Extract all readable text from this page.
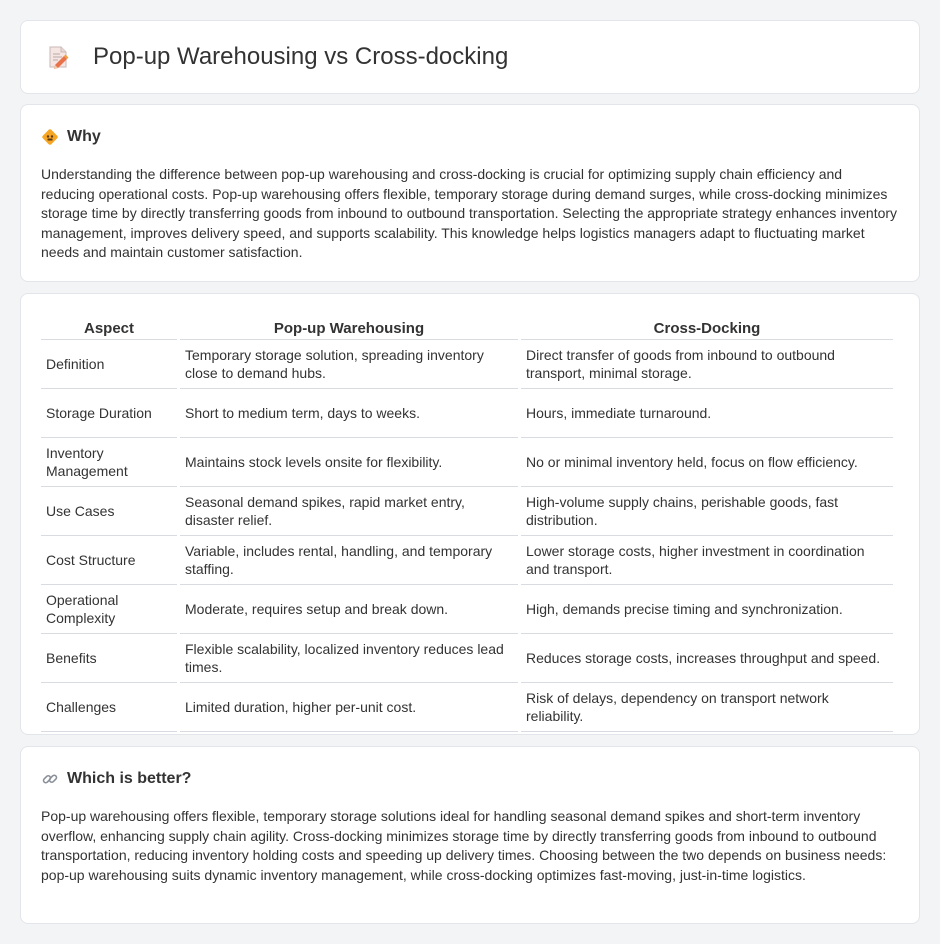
Pop-up Warehousing vs Cross-docking
Why

Understanding the difference between pop-up warehousing and cross-docking is crucial for optimizing supply chain efficiency and reducing operational costs. Pop-up warehousing offers flexible, temporary storage during demand surges, while cross-docking minimizes storage time by directly transferring goods from inbound to outbound transportation. Selecting the appropriate strategy enhances inventory management, improves delivery speed, and supports scalability. This knowledge helps logistics managers adapt to fluctuating market needs and maintain customer satisfaction.

Aspect	Pop-up Warehousing	Cross-Docking
Definition	Temporary storage solution, spreading inventory close to demand hubs.	Direct transfer of goods from inbound to outbound transport, minimal storage.
Storage Duration	Short to medium term, days to weeks.	Hours, immediate turnaround.
Inventory Management	Maintains stock levels onsite for flexibility.	No or minimal inventory held, focus on flow efficiency.
Use Cases	Seasonal demand spikes, rapid market entry, disaster relief.	High-volume supply chains, perishable goods, fast distribution.
Cost Structure	Variable, includes rental, handling, and temporary staffing.	Lower storage costs, higher investment in coordination and transport.
Operational Complexity	Moderate, requires setup and break down.	High, demands precise timing and synchronization.
Benefits	Flexible scalability, localized inventory reduces lead times.	Reduces storage costs, increases throughput and speed.
Challenges	Limited duration, higher per-unit cost.	Risk of delays, dependency on transport network reliability.
Which is better?

Pop-up warehousing offers flexible, temporary storage solutions ideal for handling seasonal demand spikes and short-term inventory overflow, enhancing supply chain agility. Cross-docking minimizes storage time by directly transferring goods from inbound to outbound transportation, reducing inventory holding costs and speeding up delivery times. Choosing between the two depends on business needs: pop-up warehousing suits dynamic inventory management, while cross-docking optimizes fast-moving, just-in-time logistics.
